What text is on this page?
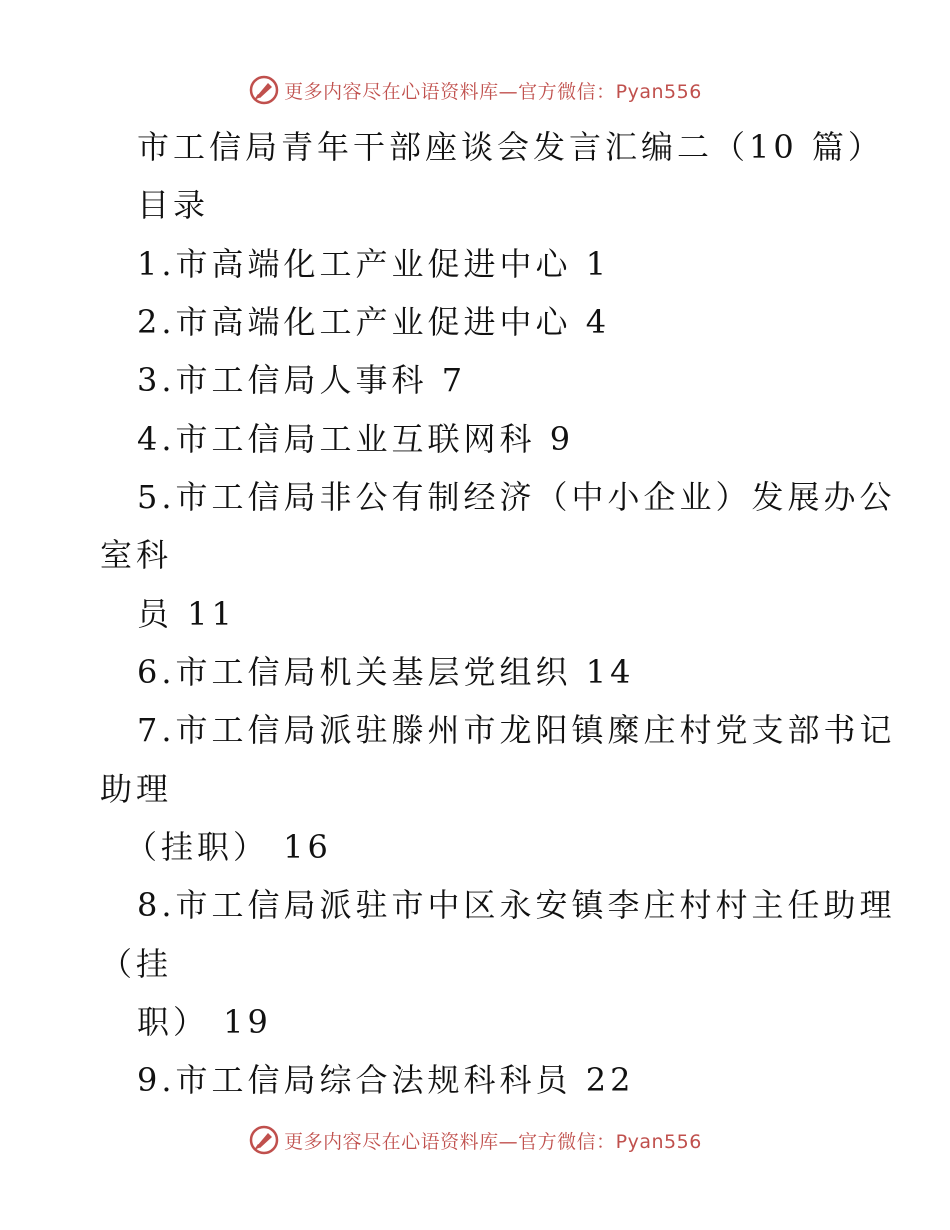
更多内容尽在心语资料库—官方微信：Pyan556
市工信局青年干部座谈会发言汇编二（10 篇）
目录
1.市高端化工产业促进中心 1
2.市高端化工产业促进中心 4
3.市工信局人事科 7
4.市工信局工业互联网科 9
5.市工信局非公有制经济（中小企业）发展办公
室科
员 11
6.市工信局机关基层党组织 14
7.市工信局派驻滕州市龙阳镇糜庄村党支部书记
助理
（挂职） 16
8.市工信局派驻市中区永安镇李庄村村主任助理
（挂
职） 19
9.市工信局综合法规科科员 22
更多内容尽在心语资料库—官方微信：Pyan556
